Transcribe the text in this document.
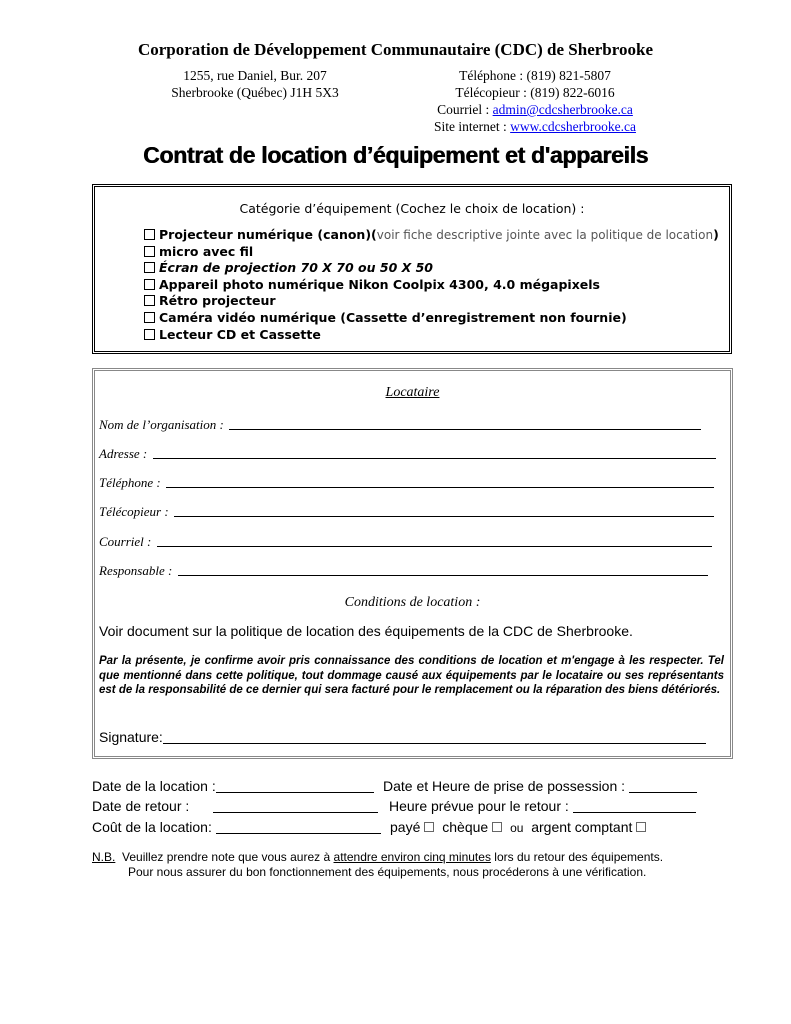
Corporation de Développement Communautaire (CDC) de Sherbrooke
1255, rue Daniel, Bur. 207
Sherbrooke (Québec) J1H 5X3
Téléphone : (819) 821-5807
Télécopieur : (819) 822-6016
Courriel : admin@cdcsherbrooke.ca
Site internet : www.cdcsherbrooke.ca
Contrat de location d’équipement et d'appareils
Catégorie d’équipement (Cochez le choix de location) :
Projecteur numérique (canon)(voir fiche descriptive jointe avec la politique de location)
micro avec fil
Écran de projection 70 X 70 ou 50 X 50
Appareil photo numérique Nikon Coolpix 4300, 4.0 mégapixels
Rétro projecteur
Caméra vidéo numérique (Cassette d’enregistrement non fournie)
Lecteur CD et Cassette
Locataire
Nom de l’organisation :
Adresse :
Téléphone :
Télécopieur :
Courriel :
Responsable :
Conditions de location :
Voir document sur la politique de location des équipements de la CDC de Sherbrooke.
Par la présente, je confirme avoir pris connaissance des conditions de location et m'engage à les respecter. Tel que mentionné dans cette politique, tout dommage causé aux équipements par le locataire ou ses représentants est de la responsabilité de ce dernier qui sera facturé pour le remplacement ou la réparation des biens détériorés.
Signature:
Date de la location :	Date et Heure de prise de possession :
Date de retour :	Heure prévue pour le retour :
Coût de la location:	payé chèque ou argent comptant
N.B. Veuillez prendre note que vous aurez à attendre environ cinq minutes lors du retour des équipements.
Pour nous assurer du bon fonctionnement des équipements, nous procéderons à une vérification.
